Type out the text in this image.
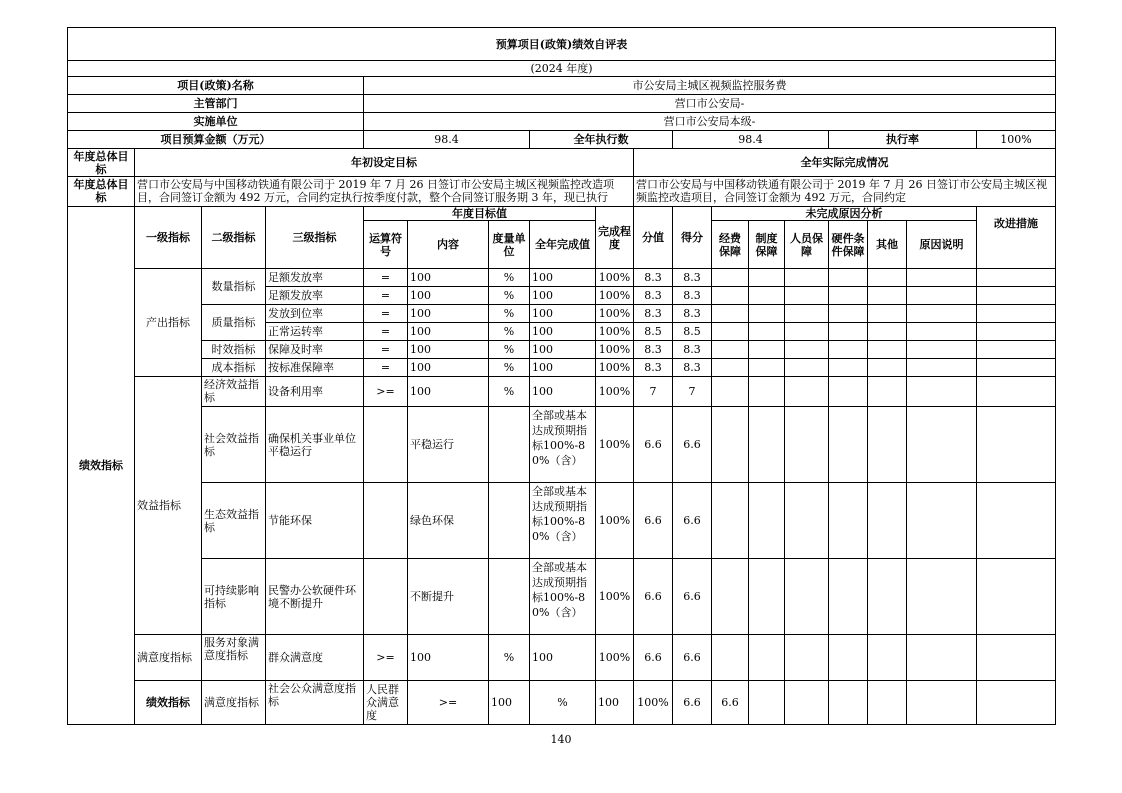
预算项目(政策)绩效自评表																		
(2024 年度)																		
项目(政策)名称				市公安局主城区视频监控服务费														
主管部门				营口市公安局-														
实施单位				营口市公安局本级-														
项目预算金额（万元）				98.4			全年执行数			98.4				执行率			100%	

年度总体目标	年初设定目标								全年实际完成情况									

年度总体目标	营口市公安局与中国移动铁通有限公司于 2019 年 7 月 26 日签订市公安局主城区视频监控改造项目，合同签订金额为 492 万元，合同约定执行按季度付款，整个合同签订服务期 3 年，现已执行								营口市公安局与中国移动铁通有限公司于 2019 年 7 月 26 日签订市公安局主城区视频监控改造项目，合同签订金额为 492 万元，合同约定									

绩效指标	一级指标	二级指标	三级指标	年度目标值				完成程度	分值	得分	未完成原因分析						改进措施	
				运算符号	内容	度量单位	全年完成值				经费保障	制度保障	人员保障	硬件条件保障	其他	原因说明		
	产出指标	数量指标	足额发放率	=	100	%	100	100%	8.3	8.3								
			足额发放率	=	100	%	100	100%	8.3	8.3								
		质量指标	发放到位率	=	100	%	100	100%	8.3	8.3								
			正常运转率	=	100	%	100	100%	8.5	8.5								
		时效指标	保障及时率	=	100	%	100	100%	8.3	8.3								
		成本指标	按标准保障率	=	100	%	100	100%	8.3	8.3								
	效益指标	经济效益指标	设备利用率	>=	100	%	100	100%	7	7								
		社会效益指标	确保机关事业单位平稳运行		平稳运行		全部或基本达成预期指标100%-80%（含）	100%	6.6	6.6								
		生态效益指标	节能环保		绿色环保		全部或基本达成预期指标100%-80%（含）	100%	6.6	6.6								
		可持续影响指标	民警办公软硬件环境不断提升		不断提升		全部或基本达成预期指标100%-80%（含）	100%	6.6	6.6								
	满意度指标	服务对象满意度指标	群众满意度	>=	100	%	100	100%	6.6	6.6								
	绩效指标	满意度指标	社会公众满意度指标	人民群众满意度	>=	100	%	100	100%	6.6	6.6							
140
